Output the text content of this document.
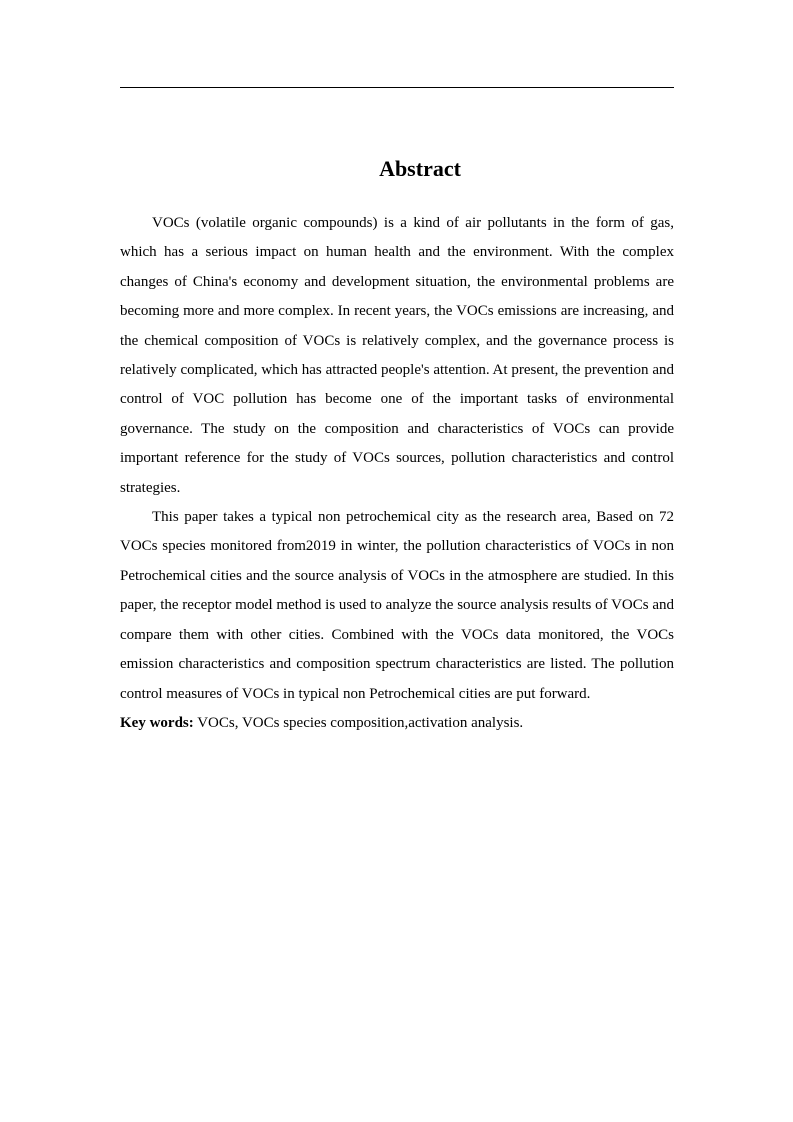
Abstract

VOCs (volatile organic compounds) is a kind of air pollutants in the form of gas, which has a serious impact on human health and the environment. With the complex changes of China's economy and development situation, the environmental problems are becoming more and more complex. In recent years, the VOCs emissions are increasing, and the chemical composition of VOCs is relatively complex, and the governance process is relatively complicated, which has attracted people's attention. At present, the prevention and control of VOC pollution has become one of the important tasks of environmental governance. The study on the composition and characteristics of VOCs can provide important reference for the study of VOCs sources, pollution characteristics and control strategies.

This paper takes a typical non petrochemical city as the research area, Based on 72 VOCs species monitored from2019 in winter, the pollution characteristics of VOCs in non Petrochemical cities and the source analysis of VOCs in the atmosphere are studied. In this paper, the receptor model method is used to analyze the source analysis results of VOCs and compare them with other cities. Combined with the VOCs data monitored, the VOCs emission characteristics and composition spectrum characteristics are listed. The pollution control measures of VOCs in typical non Petrochemical cities are put forward.

Key words: VOCs, VOCs species composition,activation analysis.
